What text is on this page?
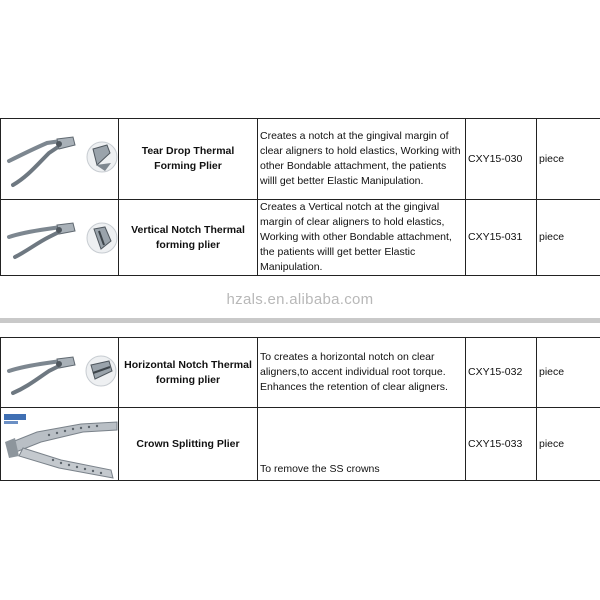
	Tear Drop Thermal Forming Plier	Creates a notch at the gingival margin of clear aligners to hold elastics, Working with other Bondable attachment, the patients willl get better Elastic Manipulation.	CXY15-030	piece

	Vertical Notch Thermal forming plier	Creates a Vertical notch at the gingival margin of clear aligners to hold elastics, Working with other Bondable attachment, the patients willl get better Elastic Manipulation.	CXY15-031	piece
hzals.en.alibaba.com
	Horizontal Notch Thermal forming plier	To creates a horizontal notch on clear aligners,to accent individual root torque. Enhances the retention of clear aligners.	CXY15-032	piece

	Crown Splitting Plier	To remove the SS crowns	CXY15-033	piece
